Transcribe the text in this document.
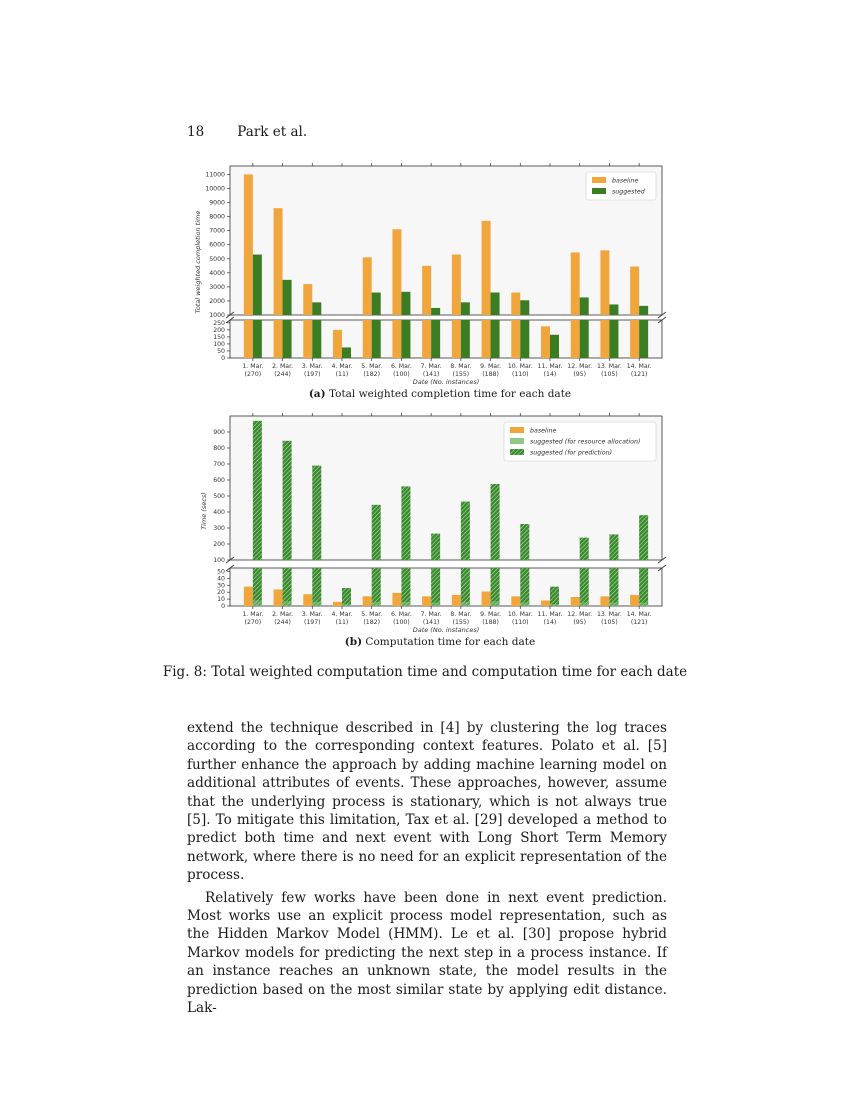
18 Park et al.
1000
2000
3000
4000
5000
6000
7000
8000
9000
10000
11000
0
50
100
150
200
250
1. Mar.
(270)
2. Mar.
(244)
3. Mar.
(197)
4. Mar.
(11)
5. Mar.
(182)
6. Mar.
(100)
7. Mar.
(141)
8. Mar.
(155)
9. Mar.
(188)
10. Mar.
(110)
11. Mar.
(14)
12. Mar.
(95)
13. Mar.
(105)
14. Mar.
(121)
Total weighted completion time
Date (No. instances)
baseline
suggested
(a) Total weighted completion time for each date
100
200
300
400
500
600
700
800
900
0
10
20
30
40
50
1. Mar.
(270)
2. Mar.
(244)
3. Mar.
(197)
4. Mar.
(11)
5. Mar.
(182)
6. Mar.
(100)
7. Mar.
(141)
8. Mar.
(155)
9. Mar.
(188)
10. Mar.
(110)
11. Mar.
(14)
12. Mar.
(95)
13. Mar.
(105)
14. Mar.
(121)
Time (secs)
Date (No. instances)
baseline
suggested (for resource allocation)
suggested (for prediction)
(b) Computation time for each date
Fig. 8: Total weighted computation time and computation time for each date

extend the technique described in [4] by clustering the log traces according to the corresponding context features. Polato et al. [5] further enhance the approach by adding machine learning model on additional attributes of events. These approaches, however, assume that the underlying process is stationary, which is not always true [5]. To mitigate this limitation, Tax et al. [29] developed a method to predict both time and next event with Long Short Term Memory network, where there is no need for an explicit representation of the process.

Relatively few works have been done in next event prediction. Most works use an explicit process model representation, such as the Hidden Markov Model (HMM). Le et al. [30] propose hybrid Markov models for predicting the next step in a process instance. If an instance reaches an unknown state, the model results in the prediction based on the most similar state by applying edit distance. Lak-
